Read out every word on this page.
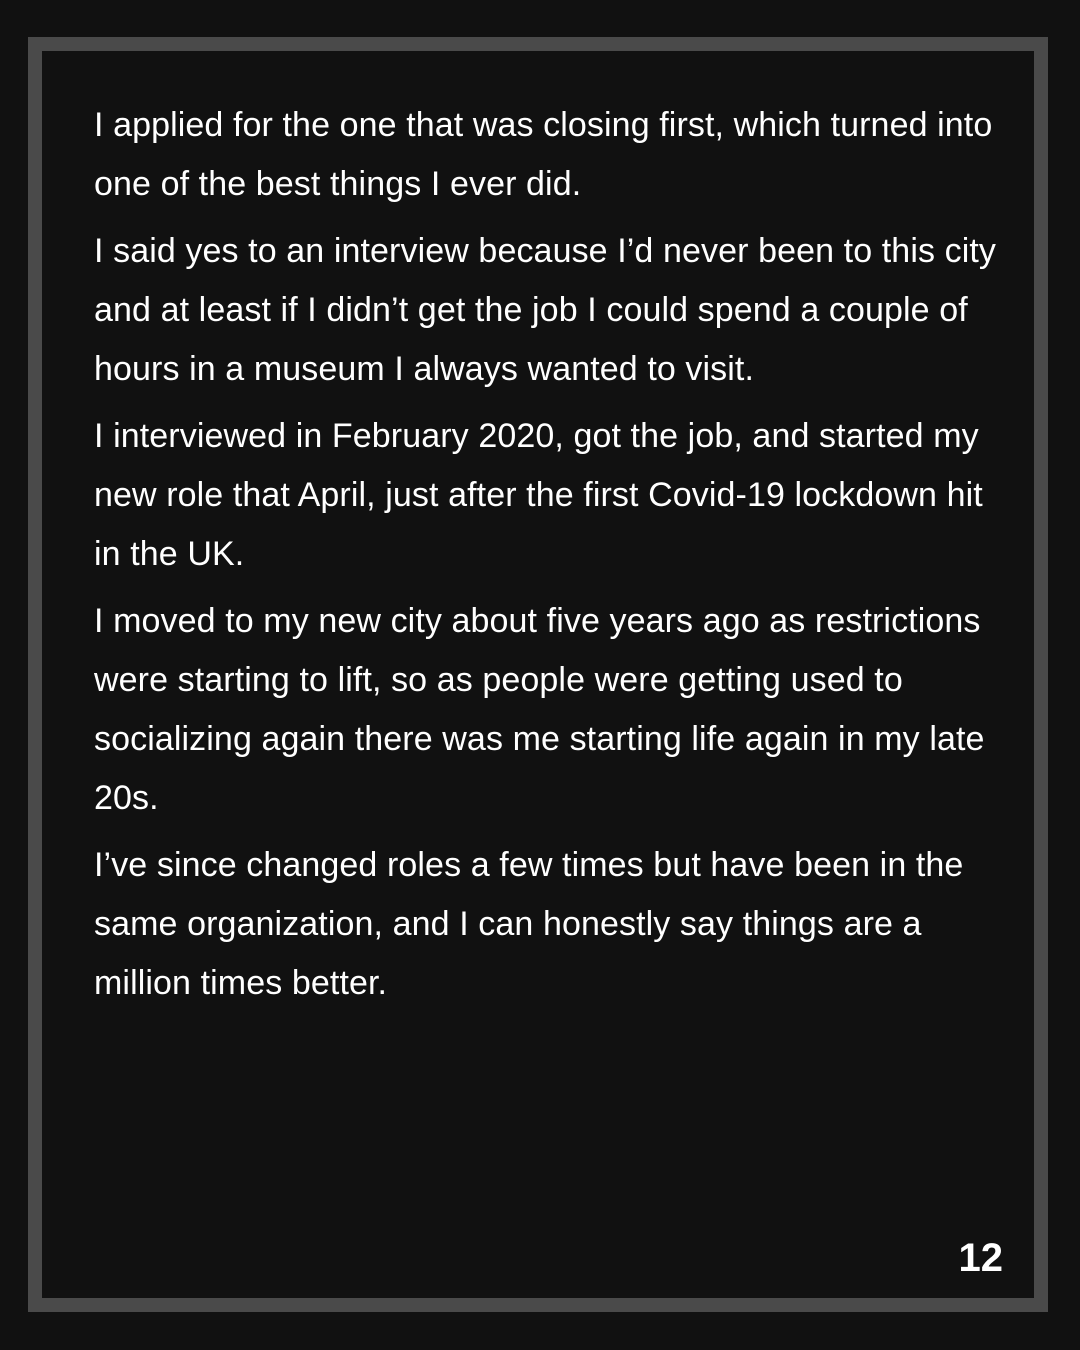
I applied for the one that was closing first, which turned into one of the best things I ever did.

I said yes to an interview because I’d never been to this city and at least if I didn’t get the job I could spend a couple of hours in a museum I always wanted to visit.

I interviewed in February 2020, got the job, and started my new role that April, just after the first Covid-19 lockdown hit in the UK.

I moved to my new city about five years ago as restrictions were starting to lift, so as people were getting used to socializing again there was me starting life again in my late 20s.

I’ve since changed roles a few times but have been in the same organization, and I can honestly say things are a million times better.

12
